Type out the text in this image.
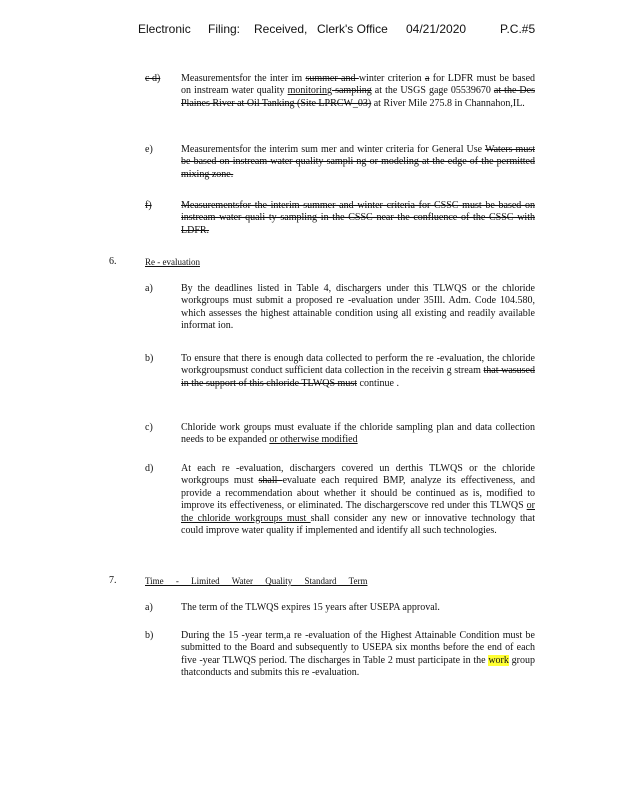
Electronic Filing: Received, Clerk's Office 04/21/2020	P.C.#5
c d) Measurementsfor the inter im summer and winter criterion a for LDFR must be based on instream water quality monitoring sampling at the USGS gage 05539670 at the Des Plaines River at Oil Tanking (Site LPRCW_03) at River Mile 275.8 in Channahon,IL.
e)	Measurementsfor the interim sum mer and winter criteria for General Use Waters must be based on instream water quality sampli ng or modeling at the edge of the permitted mixing zone.
f)	Measurementsfor the interim summer and winter criteria for CSSC must be based on instream water quali ty sampling in the CSSC near the confluence of the CSSC with LDFR.
6.	Re - evaluation
a)	By the deadlines listed in Table 4, dischargers under this TLWQS or the chloride workgroups must submit a proposed re -evaluation under 35Ill. Adm. Code 104.580, which assesses the highest attainable condition using all existing and readily available informat ion.
b)	To ensure that there is enough data collected to perform the re -evaluation, the chloride workgroupsmust conduct sufficient data collection in the receivin g stream that wasused in the support of this chloride TLWQS must continue .
c)	Chloride work groups must evaluate if the chloride sampling plan and data collection needs to be expanded or otherwise modified
d)	At each re -evaluation, dischargers covered un derthis TLWQS or the chloride workgroups must shall evaluate each required BMP, analyze its effectiveness, and provide a recommendation about whether it should be continued as is, modified to improve its effectiveness, or eliminated. The dischargerscove red under this TLWQS or the chloride workgroups must shall consider any new or innovative technology that could improve water quality if implemented and identify all such technologies.
7.	Time - Limited Water Quality Standard Term
a)	The term of the TLWQS expires 15 years after USEPA approval.
b)	During the 15 -year term,a re -evaluation of the Highest Attainable Condition must be submitted to the Board and subsequently to USEPA six months before the end of each five -year TLWQS period. The discharges in Table 2 must participate in the work group thatconducts and submits this re -evaluation.
